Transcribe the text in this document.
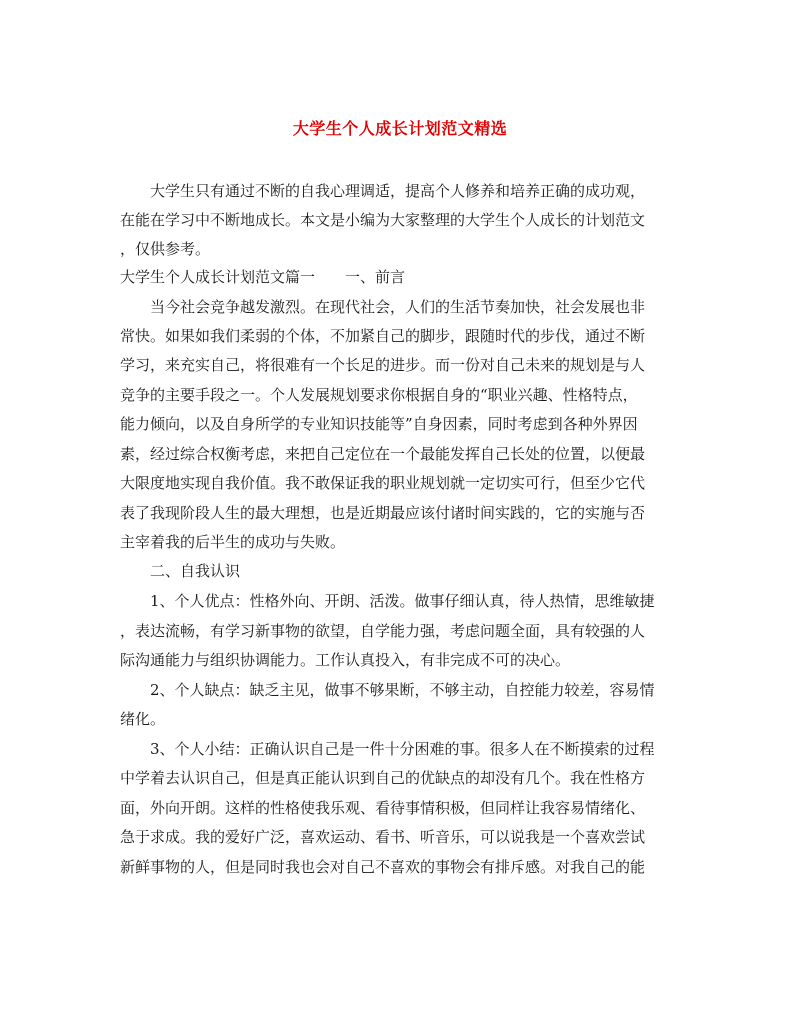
大学生个人成长计划范文精选
大学生只有通过不断的自我心理调适，提高个人修养和培养正确的成功观，
在能在学习中不断地成长。本文是小编为大家整理的大学生个人成长的计划范文
，仅供参考。
大学生个人成长计划范文篇一　　一、前言
当今社会竞争越发激烈。在现代社会，人们的生活节奏加快，社会发展也非
常快。如果如我们柔弱的个体，不加紧自己的脚步，跟随时代的步伐，通过不断
学习，来充实自己，将很难有一个长足的进步。而一份对自己未来的规划是与人
竞争的主要手段之一。个人发展规划要求你根据自身的“职业兴趣、性格特点，
能力倾向，以及自身所学的专业知识技能等”自身因素，同时考虑到各种外界因
素，经过综合权衡考虑，来把自己定位在一个最能发挥自己长处的位置，以便最
大限度地实现自我价值。我不敢保证我的职业规划就一定切实可行，但至少它代
表了我现阶段人生的最大理想，也是近期最应该付诸时间实践的，它的实施与否
主宰着我的后半生的成功与失败。
二、自我认识
1、个人优点：性格外向、开朗、活泼。做事仔细认真，待人热情，思维敏捷
，表达流畅，有学习新事物的欲望，自学能力强，考虑问题全面，具有较强的人
际沟通能力与组织协调能力。工作认真投入，有非完成不可的决心。
2、个人缺点：缺乏主见，做事不够果断，不够主动，自控能力较差，容易情
绪化。
3、个人小结：正确认识自己是一件十分困难的事。很多人在不断摸索的过程
中学着去认识自己，但是真正能认识到自己的优缺点的却没有几个。我在性格方
面，外向开朗。这样的性格使我乐观、看待事情积极，但同样让我容易情绪化、
急于求成。我的爱好广泛，喜欢运动、看书、听音乐，可以说我是一个喜欢尝试
新鲜事物的人，但是同时我也会对自己不喜欢的事物会有排斥感。对我自己的能
